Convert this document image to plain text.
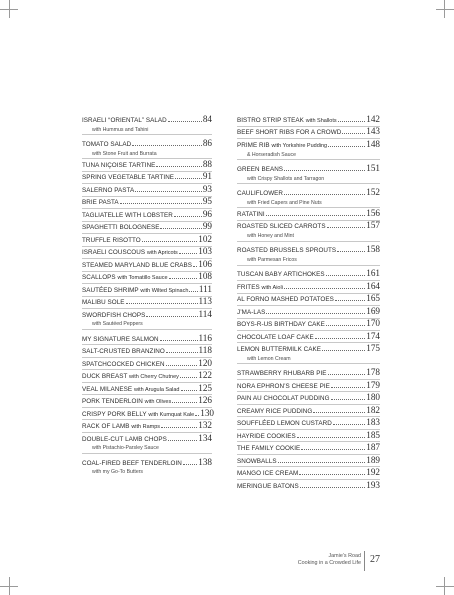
ISRAELI “ORIENTAL” SALAD	84
with Hummus and Tahini
TOMATO SALAD	86
with Stone Fruit and Burrata
TUNA NIÇOISE TARTINE	88
SPRING VEGETABLE TARTINE	91
SALERNO PASTA	93
BRIE PASTA	95
TAGLIATELLE WITH LOBSTER	96
SPAGHETTI BOLOGNESE	99
TRUFFLE RISOTTO	102
ISRAELI COUSCOUS with Apricots 103
STEAMED MARYLAND BLUE CRABS 106
SCALLOPS with Tomatillo Sauce	108
SAUTÉED SHRIMP with Wilted Spinach 111
MALIBU SOLE	113
SWORDFISH CHOPS	114
with Sautéed Peppers
MY SIGNATURE SALMON	116
SALT-CRUSTED BRANZINO	118
SPATCHCOCKED CHICKEN	120
DUCK BREAST with Cherry Chutney 122
VEAL MILANESE with Arugula Salad 125
PORK TENDERLOIN with Olives	126
CRISPY PORK BELLY with Kumquat Kale 130
RACK OF LAMB with Ramps	132
DOUBLE-CUT LAMB CHOPS	134
with Pistachio-Parsley Sauce
COAL-FIRED BEEF TENDERLOIN 138
with my Go-To Butters
BISTRO STRIP STEAK with Shallots	142
BEEF SHORT RIBS FOR A CROWD	143
PRIME RIB with Yorkshire Pudding	148
& Horseradish Sauce
GREEN BEANS	151
with Crispy Shallots and Tarragon
CAULIFLOWER	152
with Fried Capers and Pine Nuts
RATATINI	156
ROASTED SLICED CARROTS	157
with Honey and Mint
ROASTED BRUSSELS SPROUTS	158
with Parmesan Fricos
TUSCAN BABY ARTICHOKES	161
FRITES with Aioli	164
AL FORNO MASHED POTATOES	165
J’MA-LAS	169
BOYS-R-US BIRTHDAY CAKE	170
CHOCOLATE LOAF CAKE	174
LEMON BUTTERMILK CAKE	175
with Lemon Cream
STRAWBERRY RHUBARB PIE	178
NORA EPHRON’S CHEESE PIE	179
PAIN AU CHOCOLAT PUDDING	180
CREAMY RICE PUDDING	182
SOUFFLÉED LEMON CUSTARD	183
HAYRIDE COOKIES	185
THE FAMILY COOKIE	187
SNOWBALLS	189
MANGO ICE CREAM	192
MERINGUE BATONS	193
Jamie’s Road
Cooking in a Crowded Life 27
